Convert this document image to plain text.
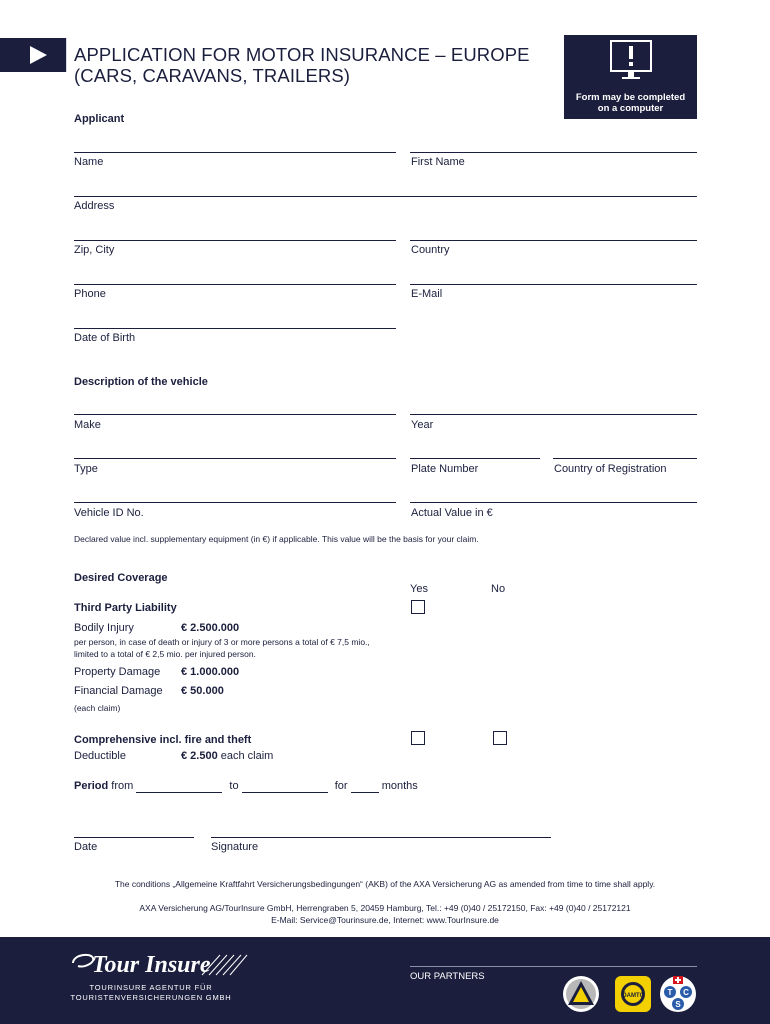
APPLICATION FOR MOTOR INSURANCE – EUROPE
(CARS, CARAVANS, TRAILERS)
Form may be completed
on a computer
Applicant
Name	First Name
Address
Zip, City	Country
Phone	E-Mail
Date of Birth
Description of the vehicle
Make	Year
Type	Plate Number	Country of Registration
Vehicle ID No.	Actual Value in €
Declared value incl. supplementary equipment (in €) if applicable. This value will be the basis for your claim.
Desired Coverage
Yes	No
Third Party Liability
Bodily Injury	€ 2.500.000
per person, in case of death or injury of 3 or more persons a total of € 7,5 mio.,
limited to a total of € 2,5 mio. per injured person.
Property Damage € 1.000.000
Financial Damage € 50.000
(each claim)
Comprehensive incl. fire and theft
Deductible	€ 2.500 each claim
Period from	to	for	months
Date	Signature
The conditions „Allgemeine Kraftfahrt Versicherungsbedingungen“ (AKB) of the AXA Versicherung AG as amended from time to time shall apply.
AXA Versicherung AG/TourInsure GmbH, Herrengraben 5, 20459 Hamburg, Tel.: +49 (0)40 / 25172150, Fax: +49 (0)40 / 25172121
E-Mail: Service@Tourinsure.de, Internet: www.TourInsure.de
Tour Insure
TOURINSURE AGENTUR FÜR
TOURISTENVERSICHERUNGEN GMBH
OUR PARTNERS
ÖAMTC	T C
S
